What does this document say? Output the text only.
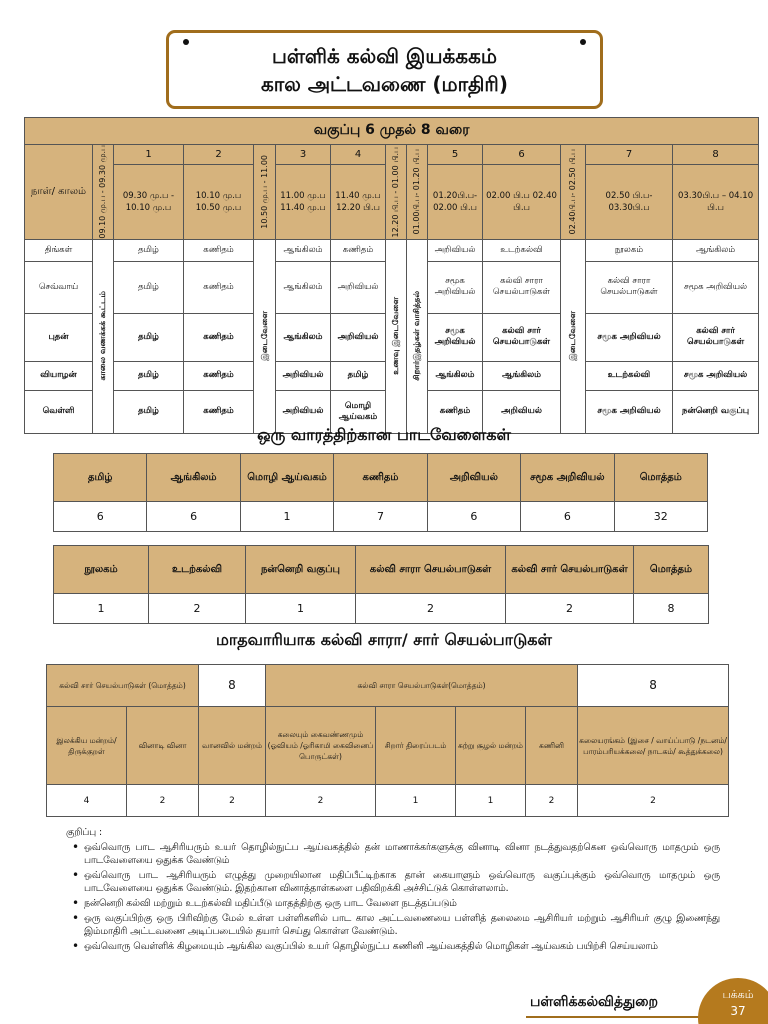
பள்ளிக் கல்வி இயக்ககம்
கால அட்டவணை (மாதிரி)
வகுப்பு 6 முதல் 8 வரை													
நாள்/ காலம்	09.10 மு.ப - 09.30 மு.ப	1	2	10.50 மு.ப - 11.00	3	4	12.20 பி.ப - 01.00 பி.ப	01.00பி.ப- 01.20 பி.ப	5	6	02.40பி.ப- 02.50 பி.ப	7	8
		09.30 மு.ப - 10.10 மு.ப	10.10 மு.ப 10.50 மு.ப		11.00 மு.ப 11.40 மு.ப	11.40 மு.ப 12.20 பி.ப			01.20பி.ப- 02.00 பி.ப	02.00 பி.ப 02.40 பி.ப		02.50 பி.ப- 03.30பி.ப	03.30பி.ப – 04.10 பி.ப
திங்கள்	காலை வணக்கக் கூட்டம்	தமிழ்	கணிதம்	இடைவேளை	ஆங்கிலம்	கணிதம்	உணவு இடைவேளை	சிறார்இதழ்கள் வாசித்தல்	அறிவியல்	உடற்கல்வி	இடைவேளை	நூலகம்	ஆங்கிலம்
செவ்வாய்		தமிழ்	கணிதம்		ஆங்கிலம்	அறிவியல்			சமூக அறிவியல்	கல்வி சாரா செயல்பாடுகள்		கல்வி சாரா செயல்பாடுகள்	சமூக அறிவியல்
புதன்		தமிழ்	கணிதம்		ஆங்கிலம்	அறிவியல்			சமூக அறிவியல்	கல்வி சார் செயல்பாடுகள்		சமூக அறிவியல்	கல்வி சார் செயல்பாடுகள்
வியாழன்		தமிழ்	கணிதம்		அறிவியல்	தமிழ்			ஆங்கிலம்	ஆங்கிலம்		உடற்கல்வி	சமூக அறிவியல்
வெள்ளி		தமிழ்	கணிதம்		அறிவியல்	மொழி ஆய்வகம்			கணிதம்	அறிவியல்		சமூக அறிவியல்	நன்னெறி வகுப்பு
ஒரு வாரத்திற்கான பாடவேளைகள்
தமிழ்	ஆங்கிலம்	மொழி ஆய்வகம்	கணிதம்	அறிவியல்	சமூக அறிவியல்	மொத்தம்
6	6	1	7	6	6	32
நூலகம்	உடற்கல்வி	நன்னெறி வகுப்பு	கல்வி சாரா செயல்பாடுகள்	கல்வி சார் செயல்பாடுகள்	மொத்தம்
1	2	1	2	2	8
மாதவாரியாக கல்வி சாரா/ சார் செயல்பாடுகள்
கல்வி சார் செயல்பாடுகள் (மொத்தம்)		8	கல்வி சாரா செயல்பாடுகள்(மொத்தம்)				8
இலக்கிய மன்றம்/ திருக்குறள்	வினாடி வினா	வானவில் மன்றம்	கலையும் கைவண்ணமும் (ஓவியம் /ஓரிகாமி கைவினைப் பொருட்கள்)	சிறார் திரைப்படம்	சுற்று சூழல் மன்றம்	கணினி	கலையரங்கம் (இசை / வாய்ப்பாடு /நடனம்/ பாரம்பரியக்கலை/ நாடகம்/ கூத்துக்கலை)
4	2	2	2	1	1	2	2
குறிப்பு :
• ஒவ்வொரு பாட ஆசிரியரும் உயர் தொழில்நுட்ப ஆய்வகத்தில் தன் மாணாக்கர்களுக்கு வினாடி வினா நடத்துவதற்கென ஒவ்வொரு மாதமும் ஒரு பாடவேளையை ஒதுக்க வேண்டும்
• ஒவ்வொரு பாட ஆசிரியரும் எழுத்து முறையிலான மதிப்பீட்டிற்காக தான் கையாளும் ஒவ்வொரு வகுப்புக்கும் ஒவ்வொரு மாதமும் ஒரு பாடவேளையை ஒதுக்க வேண்டும். இதற்கான வினாத்தாள்களை பதிவிறக்கி அச்சிட்டுக் கொள்ளலாம்.
• நன்னெறி கல்வி மற்றும் உடற்கல்வி மதிப்பீடு மாதத்திற்கு ஒரு பாட வேளை நடத்தப்படும்
• ஒரு வகுப்பிற்கு ஒரு பிரிவிற்கு மேல் உள்ள பள்ளிகளில் பாட கால அட்டவணையை பள்ளித் தலைமை ஆசிரியர் மற்றும் ஆசிரியர் குழு இணைந்து இம்மாதிரி அட்டவணை அடிப்படையில் தயார் செய்து கொள்ள வேண்டும்.
• ஒவ்வொரு வெள்ளிக் கிழமையும் ஆங்கில வகுப்பில் உயர் தொழில்நுட்ப கணினி ஆய்வகத்தில் மொழிகள் ஆய்வகம் பயிற்சி செய்யலாம்
பள்ளிக்கல்வித்துறை	பக்கம்
37
